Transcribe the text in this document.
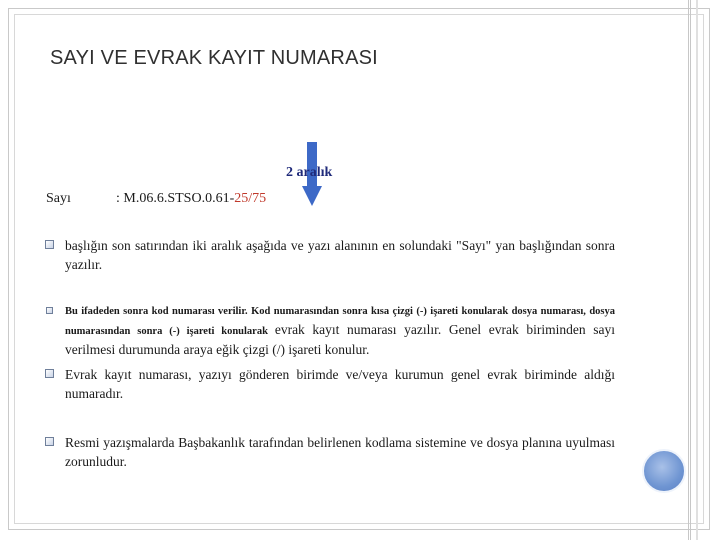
SAYI VE EVRAK KAYIT NUMARASI
2 aralık
Sayı	: M.06.6.STSO.0.61-25/75
başlığın son satırından iki aralık aşağıda ve yazı alanının en solundaki "Sayı" yan başlığından sonra yazılır.
Bu ifadeden sonra kod numarası verilir. Kod numarasından sonra kısa çizgi (-) işareti konularak dosya numarası, dosya numarasından sonra (-) işareti konularak evrak kayıt numarası yazılır. Genel evrak biriminden sayı verilmesi durumunda araya eğik çizgi (/) işareti konulur.
Evrak kayıt numarası, yazıyı gönderen birimde ve/veya kurumun genel evrak biriminde aldığı numaradır.
Resmi yazışmalarda Başbakanlık tarafından belirlenen kodlama sistemine ve dosya planına uyulması zorunludur.
